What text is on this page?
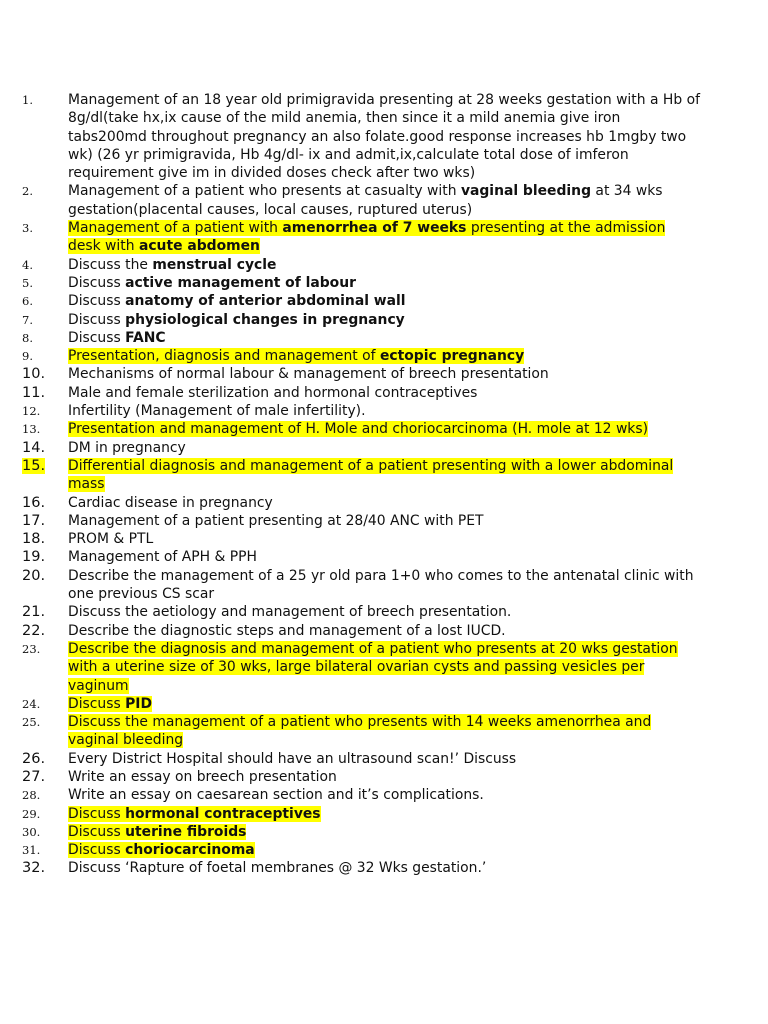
1.	Management of an 18 year old primigravida presenting at 28 weeks gestation with a Hb of 8g/dl(take hx,ix cause of the mild anemia, then since it a mild anemia give iron tabs200md throughout pregnancy an also folate.good response increases hb 1mgby two wk) (26 yr primigravida, Hb 4g/dl- ix and admit,ix,calculate total dose of imferon requirement give im in divided doses check after two wks)
2.	Management of a patient who presents at casualty with vaginal bleeding at 34 wks gestation(placental causes, local causes, ruptured uterus)
3.	Management of a patient with amenorrhea of 7 weeks presenting at the admission desk with acute abdomen
4.	Discuss the menstrual cycle
5.	Discuss active management of labour
6.	Discuss anatomy of anterior abdominal wall
7.	Discuss physiological changes in pregnancy
8.	Discuss FANC
9.	Presentation, diagnosis and management of ectopic pregnancy
10.	Mechanisms of normal labour & management of breech presentation
11.	Male and female sterilization and hormonal contraceptives
12.	Infertility (Management of male infertility).
13.	Presentation and management of H. Mole and choriocarcinoma (H. mole at 12 wks)
14.	DM in pregnancy
15.	Differential diagnosis and management of a patient presenting with a lower abdominal mass
16.	Cardiac disease in pregnancy
17.	Management of a patient presenting at 28/40 ANC with PET
18.	PROM & PTL
19.	Management of APH & PPH
20.	Describe the management of a 25 yr old para 1+0 who comes to the antenatal clinic with one previous CS scar
21.	Discuss the aetiology and management of breech presentation.
22.	Describe the diagnostic steps and management of a lost IUCD.
23.	Describe the diagnosis and management of a patient who presents at 20 wks gestation with a uterine size of 30 wks, large bilateral ovarian cysts and passing vesicles per vaginum
24.	Discuss PID
25.	Discuss the management of a patient who presents with 14 weeks amenorrhea and vaginal bleeding
26.	Every District Hospital should have an ultrasound scan!’ Discuss
27.	Write an essay on breech presentation
28.	Write an essay on caesarean section and it’s complications.
29.	Discuss hormonal contraceptives
30.	Discuss uterine fibroids
31.	Discuss choriocarcinoma
32.	Discuss ‘Rapture of foetal membranes @ 32 Wks gestation.’
